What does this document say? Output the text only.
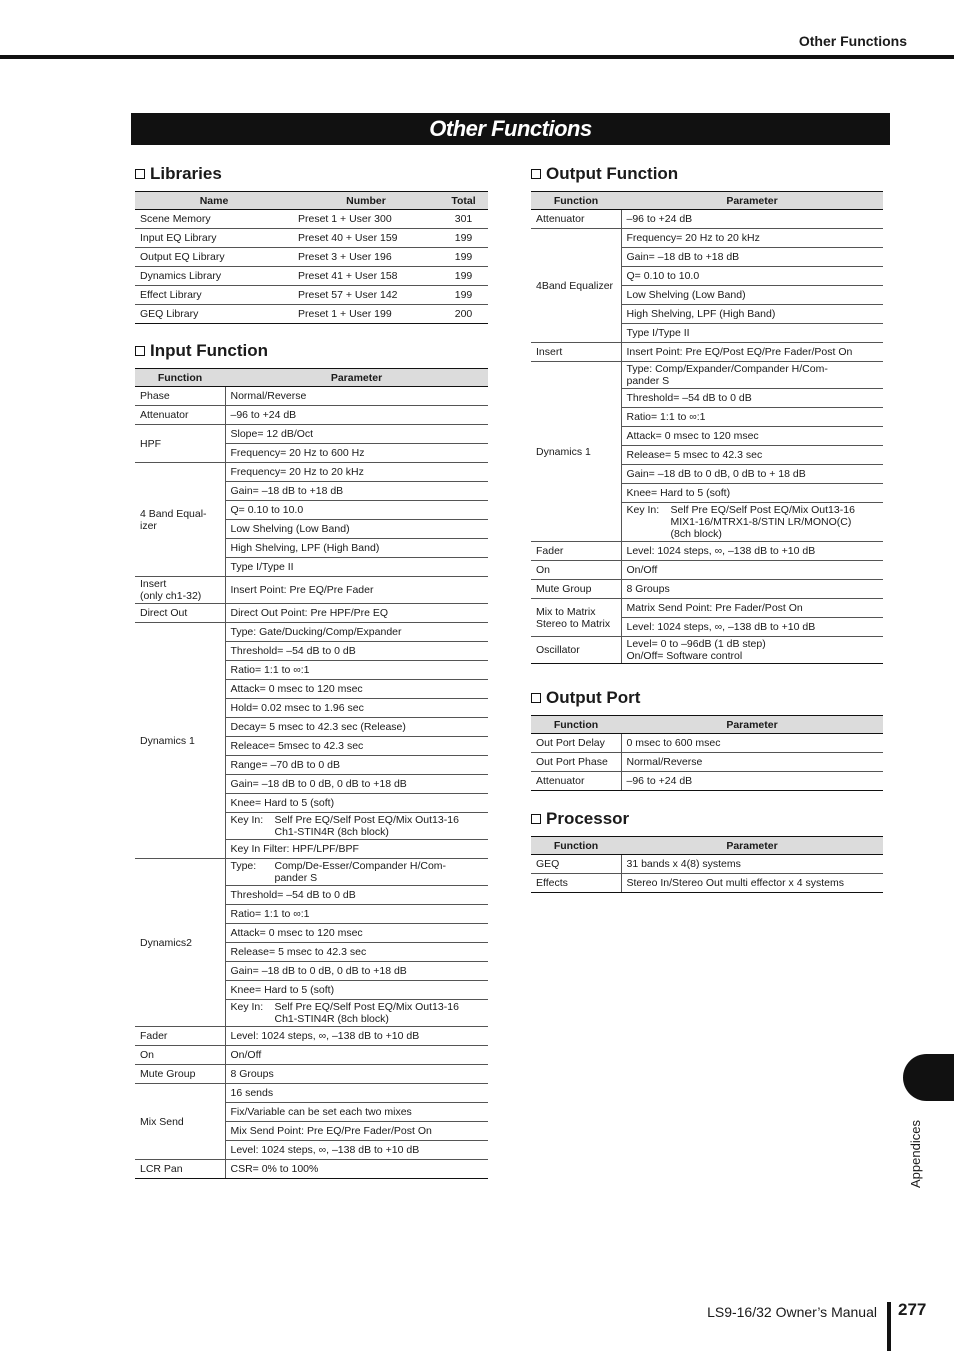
Other Functions
Other Functions
Libraries
Name	Number	Total
Scene Memory	Preset 1 + User 300	301
Input EQ Library	Preset 40 + User 159	199
Output EQ Library	Preset 3 + User 196	199
Dynamics Library	Preset 41 + User 158	199
Effect Library	Preset 57 + User 142	199
GEQ Library	Preset 1 + User 199	200
Input Function
Function	Parameter
Phase	Normal/Reverse
Attenuator	–96 to +24 dB
HPF	Slope= 12 dB/Oct
	Frequency= 20 Hz to 600 Hz
4 Band Equal-
izer	Frequency= 20 Hz to 20 kHz
	Gain= –18 dB to +18 dB
	Q= 0.10 to 10.0
	Low Shelving (Low Band)
	High Shelving, LPF (High Band)
	Type I/Type II
Insert
(only ch1-32)	Insert Point: Pre EQ/Pre Fader
Direct Out	Direct Out Point: Pre HPF/Pre EQ
Dynamics 1	Type: Gate/Ducking/Comp/Expander
	Threshold= –54 dB to 0 dB
	Ratio= 1:1 to ∞:1
	Attack= 0 msec to 120 msec
	Hold= 0.02 msec to 1.96 sec
	Decay= 5 msec to 42.3 sec (Release)
	Releace= 5msec to 42.3 sec
	Range= –70 dB to 0 dB
	Gain= –18 dB to 0 dB, 0 dB to +18 dB
	Knee= Hard to 5 (soft)

	Key In: Self Pre EQ/Self Post EQ/Mix Out13-16
Ch1-STIN4R (8ch block)

	Key In Filter: HPF/LPF/BPF
Dynamics2	Type: Comp/De-Esser/Compander H/Com-
pander S

	Threshold= –54 dB to 0 dB
	Ratio= 1:1 to ∞:1
	Attack= 0 msec to 120 msec
	Release= 5 msec to 42.3 sec
	Gain= –18 dB to 0 dB, 0 dB to +18 dB
	Knee= Hard to 5 (soft)

	Key In: Self Pre EQ/Self Post EQ/Mix Out13-16
Ch1-STIN4R (8ch block)

Fader	Level: 1024 steps, ∞, –138 dB to +10 dB
On	On/Off
Mute Group	8 Groups
Mix Send	16 sends
	Fix/Variable can be set each two mixes
	Mix Send Point: Pre EQ/Pre Fader/Post On
	Level: 1024 steps, ∞, –138 dB to +10 dB
LCR Pan	CSR= 0% to 100%
Output Function
Function	Parameter
Attenuator	–96 to +24 dB
4Band Equalizer	Frequency= 20 Hz to 20 kHz
	Gain= –18 dB to +18 dB
	Q= 0.10 to 10.0
	Low Shelving (Low Band)
	High Shelving, LPF (High Band)
	Type I/Type II
Insert	Insert Point: Pre EQ/Post EQ/Pre Fader/Post On
Dynamics 1	Type: Comp/Expander/Compander H/Com-
pander S
	Threshold= –54 dB to 0 dB
	Ratio= 1:1 to ∞:1
	Attack= 0 msec to 120 msec
	Release= 5 msec to 42.3 sec
	Gain= –18 dB to 0 dB, 0 dB to + 18 dB
	Knee= Hard to 5 (soft)

	Key In: Self Pre EQ/Self Post EQ/Mix Out13-16
MIX1-16/MTRX1-8/STIN LR/MONO(C)
(8ch block)

Fader	Level: 1024 steps, ∞, –138 dB to +10 dB
On	On/Off
Mute Group	8 Groups
Mix to Matrix
Stereo to Matrix	Matrix Send Point: Pre Fader/Post On
	Level: 1024 steps, ∞, –138 dB to +10 dB
Oscillator	Level= 0 to –96dB (1 dB step)
On/Off= Software control
Output Port
Function	Parameter
Out Port Delay	0 msec to 600 msec
Out Port Phase	Normal/Reverse
Attenuator	–96 to +24 dB
Processor
Function	Parameter
GEQ	31 bands x 4(8) systems
Effects	Stereo In/Stereo Out multi effector x 4 systems
Appendices
LS9-16/32 Owner’s Manual 277
